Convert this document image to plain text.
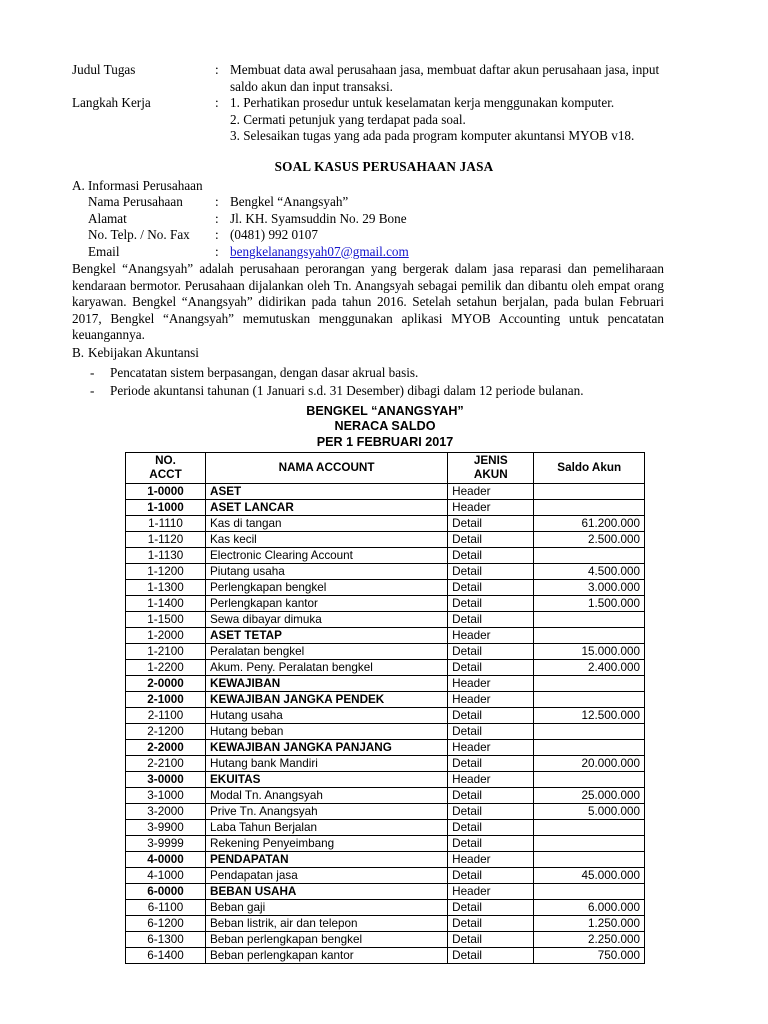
Judul Tugas	: Membuat data awal perusahaan jasa, membuat daftar akun perusahaan jasa, input
saldo akun dan input transaksi.
Langkah Kerja	: 1. Perhatikan prosedur untuk keselamatan kerja menggunakan komputer.
2. Cermati petunjuk yang terdapat pada soal.
3. Selesaikan tugas yang ada pada program komputer akuntansi MYOB v18.
SOAL KASUS PERUSAHAAN JASA
A. Informasi Perusahaan
Nama Perusahaan	: Bengkel “Anangsyah”
Alamat	: Jl. KH. Syamsuddin No. 29 Bone
No. Telp. / No. Fax	: (0481) 992 0107
Email	: bengkelanangsyah07@gmail.com
Bengkel “Anangsyah” adalah perusahaan perorangan yang bergerak dalam jasa reparasi dan pemeliharaan kendaraan bermotor. Perusahaan dijalankan oleh Tn. Anangsyah sebagai pemilik dan dibantu oleh empat orang karyawan. Bengkel “Anangsyah” didirikan pada tahun 2016. Setelah setahun berjalan, pada bulan Februari 2017, Bengkel “Anangsyah” memutuskan menggunakan aplikasi MYOB Accounting untuk pencatatan keuangannya.
B. Kebijakan Akuntansi
-	Pencatatan sistem berpasangan, dengan dasar akrual basis.
-	Periode akuntansi tahunan (1 Januari s.d. 31 Desember) dibagi dalam 12 periode bulanan.
BENGKEL “ANANGSYAH”
NERACA SALDO
PER 1 FEBRUARI 2017
NO.
ACCT
	NAMA ACCOUNT	
JENIS
AKUN
	Saldo Akun
1-0000	ASET	Header	
1-1000	ASET LANCAR	Header	
1-1110	Kas di tangan	Detail	61.200.000
1-1120	Kas kecil	Detail	2.500.000
1-1130	Electronic Clearing Account	Detail	
1-1200	Piutang usaha	Detail	4.500.000
1-1300	Perlengkapan bengkel	Detail	3.000.000
1-1400	Perlengkapan kantor	Detail	1.500.000
1-1500	Sewa dibayar dimuka	Detail	
1-2000	ASET TETAP	Header	
1-2100	Peralatan bengkel	Detail	15.000.000
1-2200	Akum. Peny. Peralatan bengkel	Detail	2.400.000
2-0000	KEWAJIBAN	Header	
2-1000	KEWAJIBAN JANGKA PENDEK	Header	
2-1100	Hutang usaha	Detail	12.500.000
2-1200	Hutang beban	Detail	
2-2000	KEWAJIBAN JANGKA PANJANG	Header	
2-2100	Hutang bank Mandiri	Detail	20.000.000
3-0000	EKUITAS	Header	
3-1000	Modal Tn. Anangsyah	Detail	25.000.000
3-2000	Prive Tn. Anangsyah	Detail	5.000.000
3-9900	Laba Tahun Berjalan	Detail	
3-9999	Rekening Penyeimbang	Detail	
4-0000	PENDAPATAN	Header	
4-1000	Pendapatan jasa	Detail	45.000.000
6-0000	BEBAN USAHA	Header	
6-1100	Beban gaji	Detail	6.000.000
6-1200	Beban listrik, air dan telepon	Detail	1.250.000
6-1300	Beban perlengkapan bengkel	Detail	2.250.000
6-1400	Beban perlengkapan kantor	Detail	750.000
